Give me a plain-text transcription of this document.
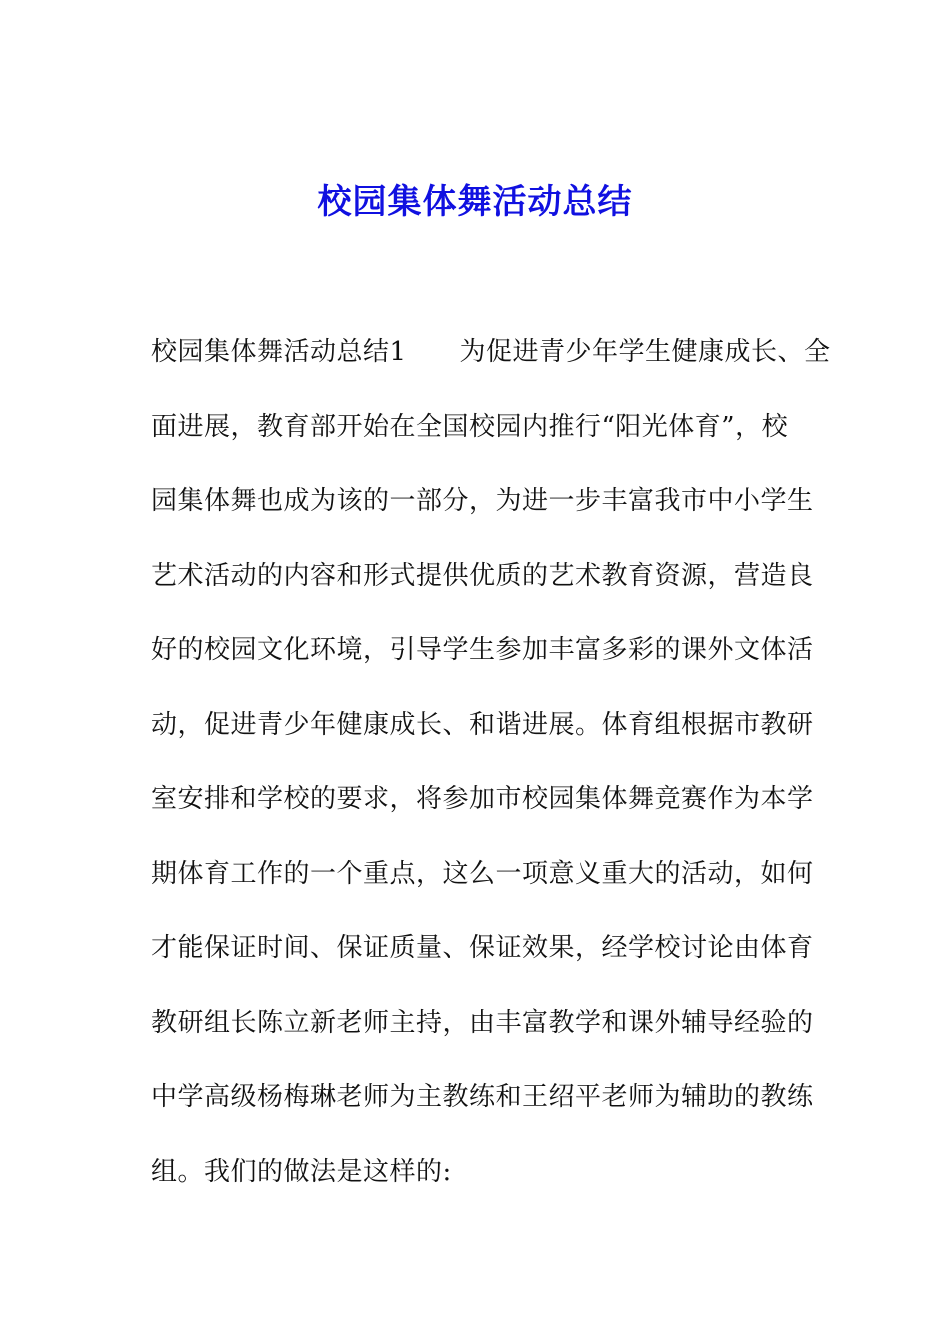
校园集体舞活动总结
校园集体舞活动总结1　　为促进青少年学生健康成长、全
面进展，教育部开始在全国校园内推行“阳光体育”，校
园集体舞也成为该的一部分，为进一步丰富我市中小学生
艺术活动的内容和形式提供优质的艺术教育资源，营造良
好的校园文化环境，引导学生参加丰富多彩的课外文体活
动，促进青少年健康成长、和谐进展。体育组根据市教研
室安排和学校的要求，将参加市校园集体舞竞赛作为本学
期体育工作的一个重点，这么一项意义重大的活动，如何
才能保证时间、保证质量、保证效果，经学校讨论由体育
教研组长陈立新老师主持，由丰富教学和课外辅导经验的
中学高级杨梅琳老师为主教练和王绍平老师为辅助的教练
组。我们的做法是这样的:
